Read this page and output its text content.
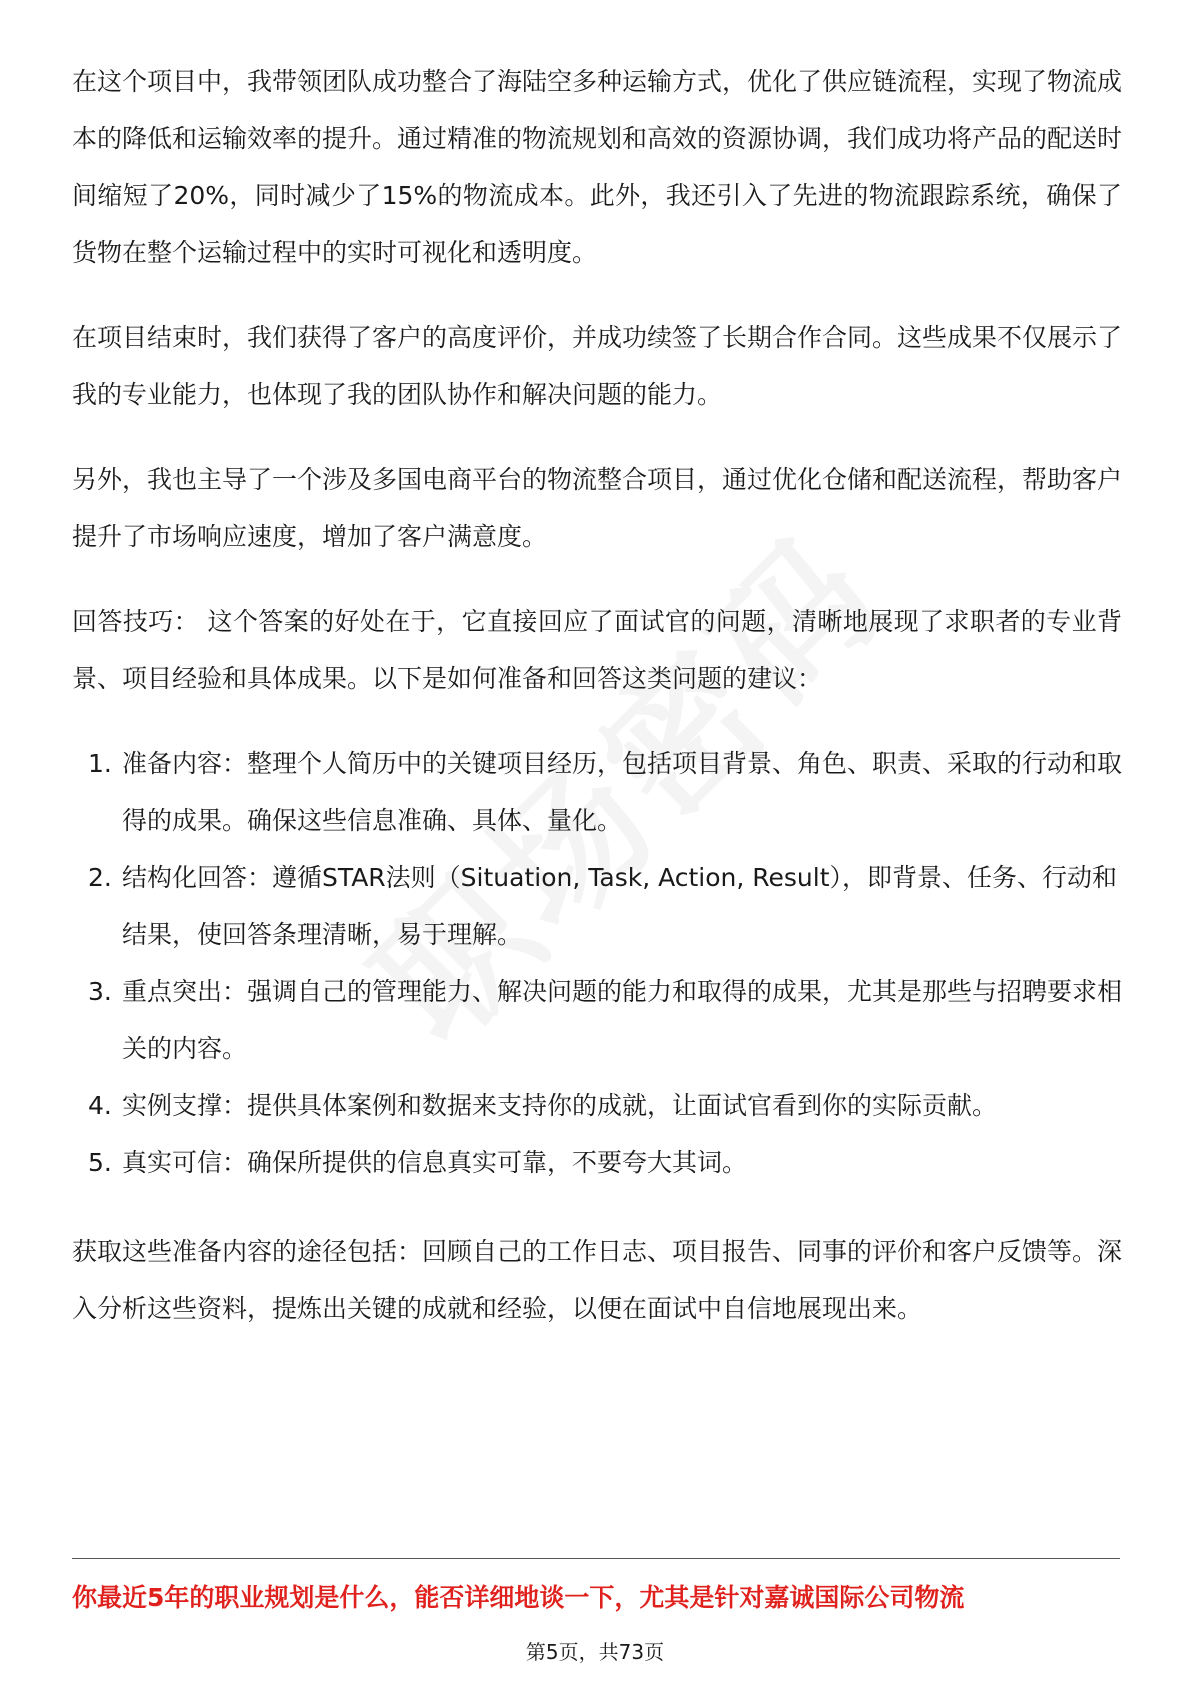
在这个项目中，我带领团队成功整合了海陆空多种运输方式，优化了供应链流程，实现了物流成本的降低和运输效率的提升。通过精准的物流规划和高效的资源协调，我们成功将产品的配送时间缩短了20%，同时减少了15%的物流成本。此外，我还引入了先进的物流跟踪系统，确保了货物在整个运输过程中的实时可视化和透明度。

在项目结束时，我们获得了客户的高度评价，并成功续签了长期合作合同。这些成果不仅展示了我的专业能力，也体现了我的团队协作和解决问题的能力。

另外，我也主导了一个涉及多国电商平台的物流整合项目，通过优化仓储和配送流程，帮助客户提升了市场响应速度，增加了客户满意度。

回答技巧： 这个答案的好处在于，它直接回应了面试官的问题，清晰地展现了求职者的专业背景、项目经验和具体成果。以下是如何准备和回答这类问题的建议：

1. 准备内容：整理个人简历中的关键项目经历，包括项目背景、角色、职责、采取的行动和取得的成果。确保这些信息准确、具体、量化。
2. 结构化回答：遵循STAR法则（Situation, Task, Action, Result），即背景、任务、行动和结果，使回答条理清晰，易于理解。
3. 重点突出：强调自己的管理能力、解决问题的能力和取得的成果，尤其是那些与招聘要求相关的内容。
4. 实例支撑：提供具体案例和数据来支持你的成就，让面试官看到你的实际贡献。
5. 真实可信：确保所提供的信息真实可靠，不要夸大其词。

获取这些准备内容的途径包括：回顾自己的工作日志、项目报告、同事的评价和客户反馈等。深入分析这些资料，提炼出关键的成就和经验，以便在面试中自信地展现出来。

你最近5年的职业规划是什么，能否详细地谈一下，尤其是针对嘉诚国际公司物流
第5页，共73页
